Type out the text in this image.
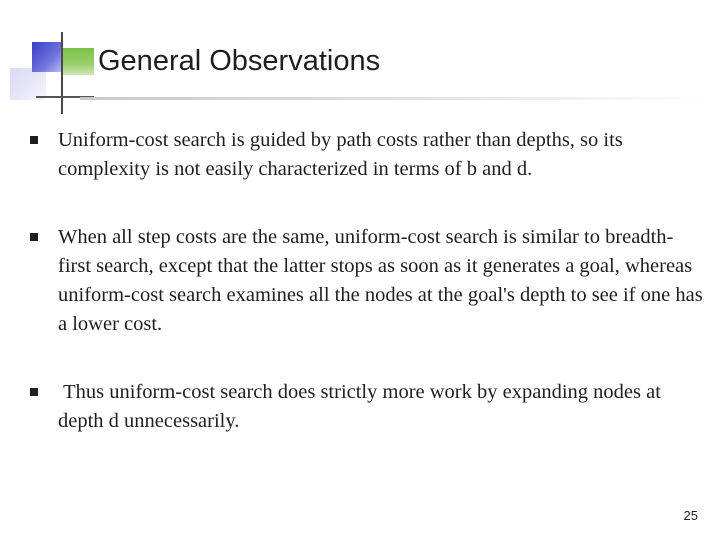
General Observations
Uniform-cost search is guided by path costs rather than depths, so its complexity is not easily characterized in terms of b and d.
When all step costs are the same, uniform-cost search is similar to breadth-first search, except that the latter stops as soon as it generates a goal, whereas uniform-cost search examines all the nodes at the goal's depth to see if one has a lower cost.
Thus uniform-cost search does strictly more work by expanding nodes at depth d unnecessarily.
25
